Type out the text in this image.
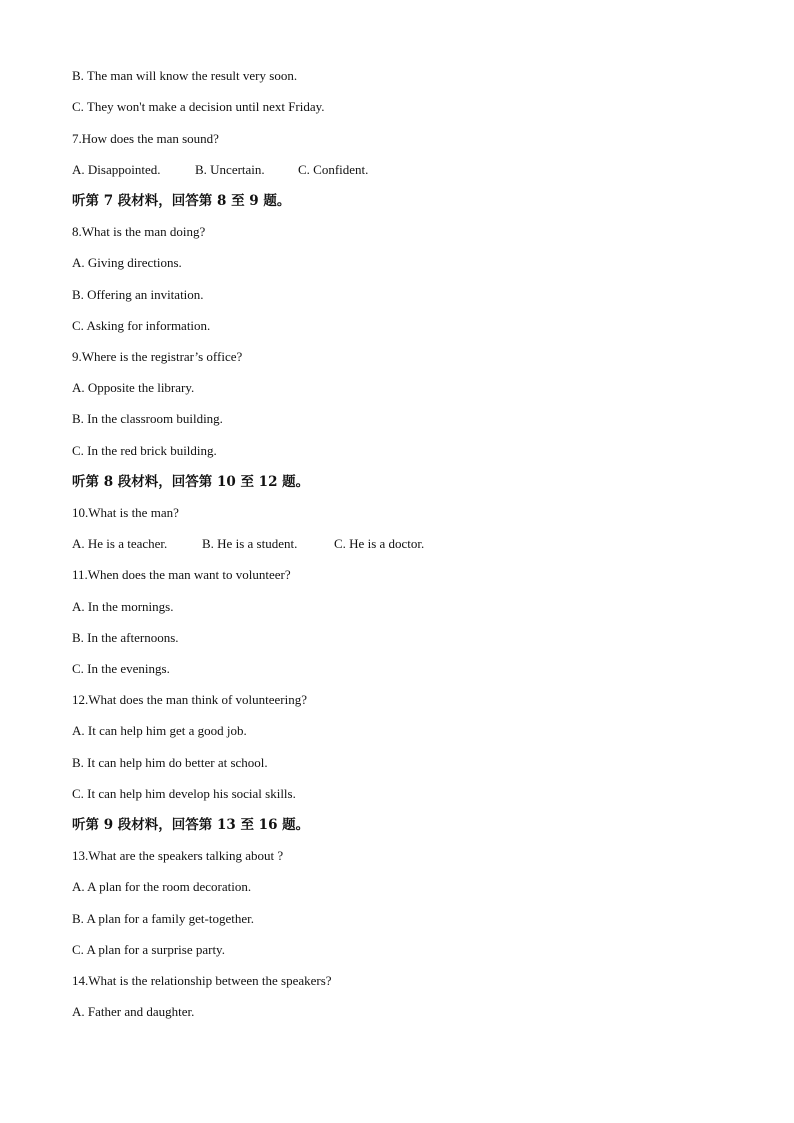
B. The man will know the result very soon.
C. They won't make a decision until next Friday.
7.How does the man sound?
A. Disappointed.	B. Uncertain.	C. Confident.
听第 7 段材料，回答第 8 至 9 题。
8.What is the man doing?
A. Giving directions.
B. Offering an invitation.
C. Asking for information.
9.Where is the registrar’s office?
A. Opposite the library.
B. In the classroom building.
C. In the red brick building.
听第 8 段材料，回答第 10 至 12 题。
10.What is the man?
A. He is a teacher.	B. He is a student.	C. He is a doctor.
11.When does the man want to volunteer?
A. In the mornings.
B. In the afternoons.
C. In the evenings.
12.What does the man think of volunteering?
A. It can help him get a good job.
B. It can help him do better at school.
C. It can help him develop his social skills.
听第 9 段材料，回答第 13 至 16 题。
13.What are the speakers talking about ?
A. A plan for the room decoration.
B. A plan for a family get-together.
C. A plan for a surprise party.
14.What is the relationship between the speakers?
A. Father and daughter.
